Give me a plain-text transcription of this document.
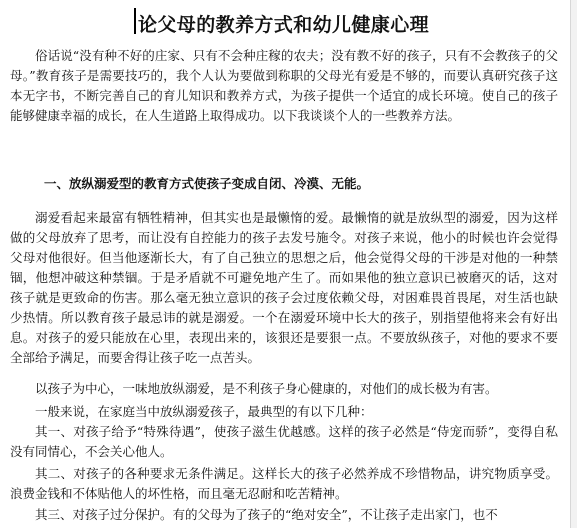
论父母的教养方式和幼儿健康心理

俗话说“没有种不好的庄家、只有不会种庄稼的农夫；没有教不好的孩子，只有不会教孩子的父母。”教育孩子是需要技巧的，我个人认为要做到称职的父母光有爱是不够的，而要认真研究孩子这本无字书，不断完善自己的育儿知识和教养方式，为孩子提供一个适宜的成长环境。使自己的孩子能够健康幸福的成长，在人生道路上取得成功。以下我谈谈个人的一些教养方法。

一、放纵溺爱型的教育方式使孩子变成自闭、冷漠、无能。

溺爱看起来最富有牺牲精神，但其实也是最懒惰的爱。最懒惰的就是放纵型的溺爱，因为这样做的父母放弃了思考，而让没有自控能力的孩子去发号施令。对孩子来说，他小的时候也许会觉得父母对他很好。但当他逐渐长大，有了自己独立的思想之后，他会觉得父母的干涉是对他的一种禁锢，他想冲破这种禁锢。于是矛盾就不可避免地产生了。而如果他的独立意识已被磨灭的话，这对孩子就是更致命的伤害。那么毫无独立意识的孩子会过度依赖父母，对困难畏首畏尾，对生活也缺少热情。所以教育孩子最忌讳的就是溺爱。一个在溺爱环境中长大的孩子，别指望他将来会有好出息。对孩子的爱只能放在心里，表现出来的，该狠还是要狠一点。不要放纵孩子，对他的要求不要全部给予满足，而要舍得让孩子吃一点苦头。

以孩子为中心，一味地放纵溺爱，是不利孩子身心健康的，对他们的成长极为有害。

一般来说，在家庭当中放纵溺爱孩子，最典型的有以下几种：

其一、对孩子给予“特殊待遇”，使孩子滋生优越感。这样的孩子必然是“侍宠而骄”，变得自私没有同情心，不会关心他人。

其二、对孩子的各种要求无条件满足。这样长大的孩子必然养成不珍惜物品，讲究物质享受。浪费金钱和不体贴他人的坏性格，而且毫无忍耐和吃苦精神。

其三、对孩子过分保护。有的父母为了孩子的“绝对安全”，不让孩子走出家门，也不
